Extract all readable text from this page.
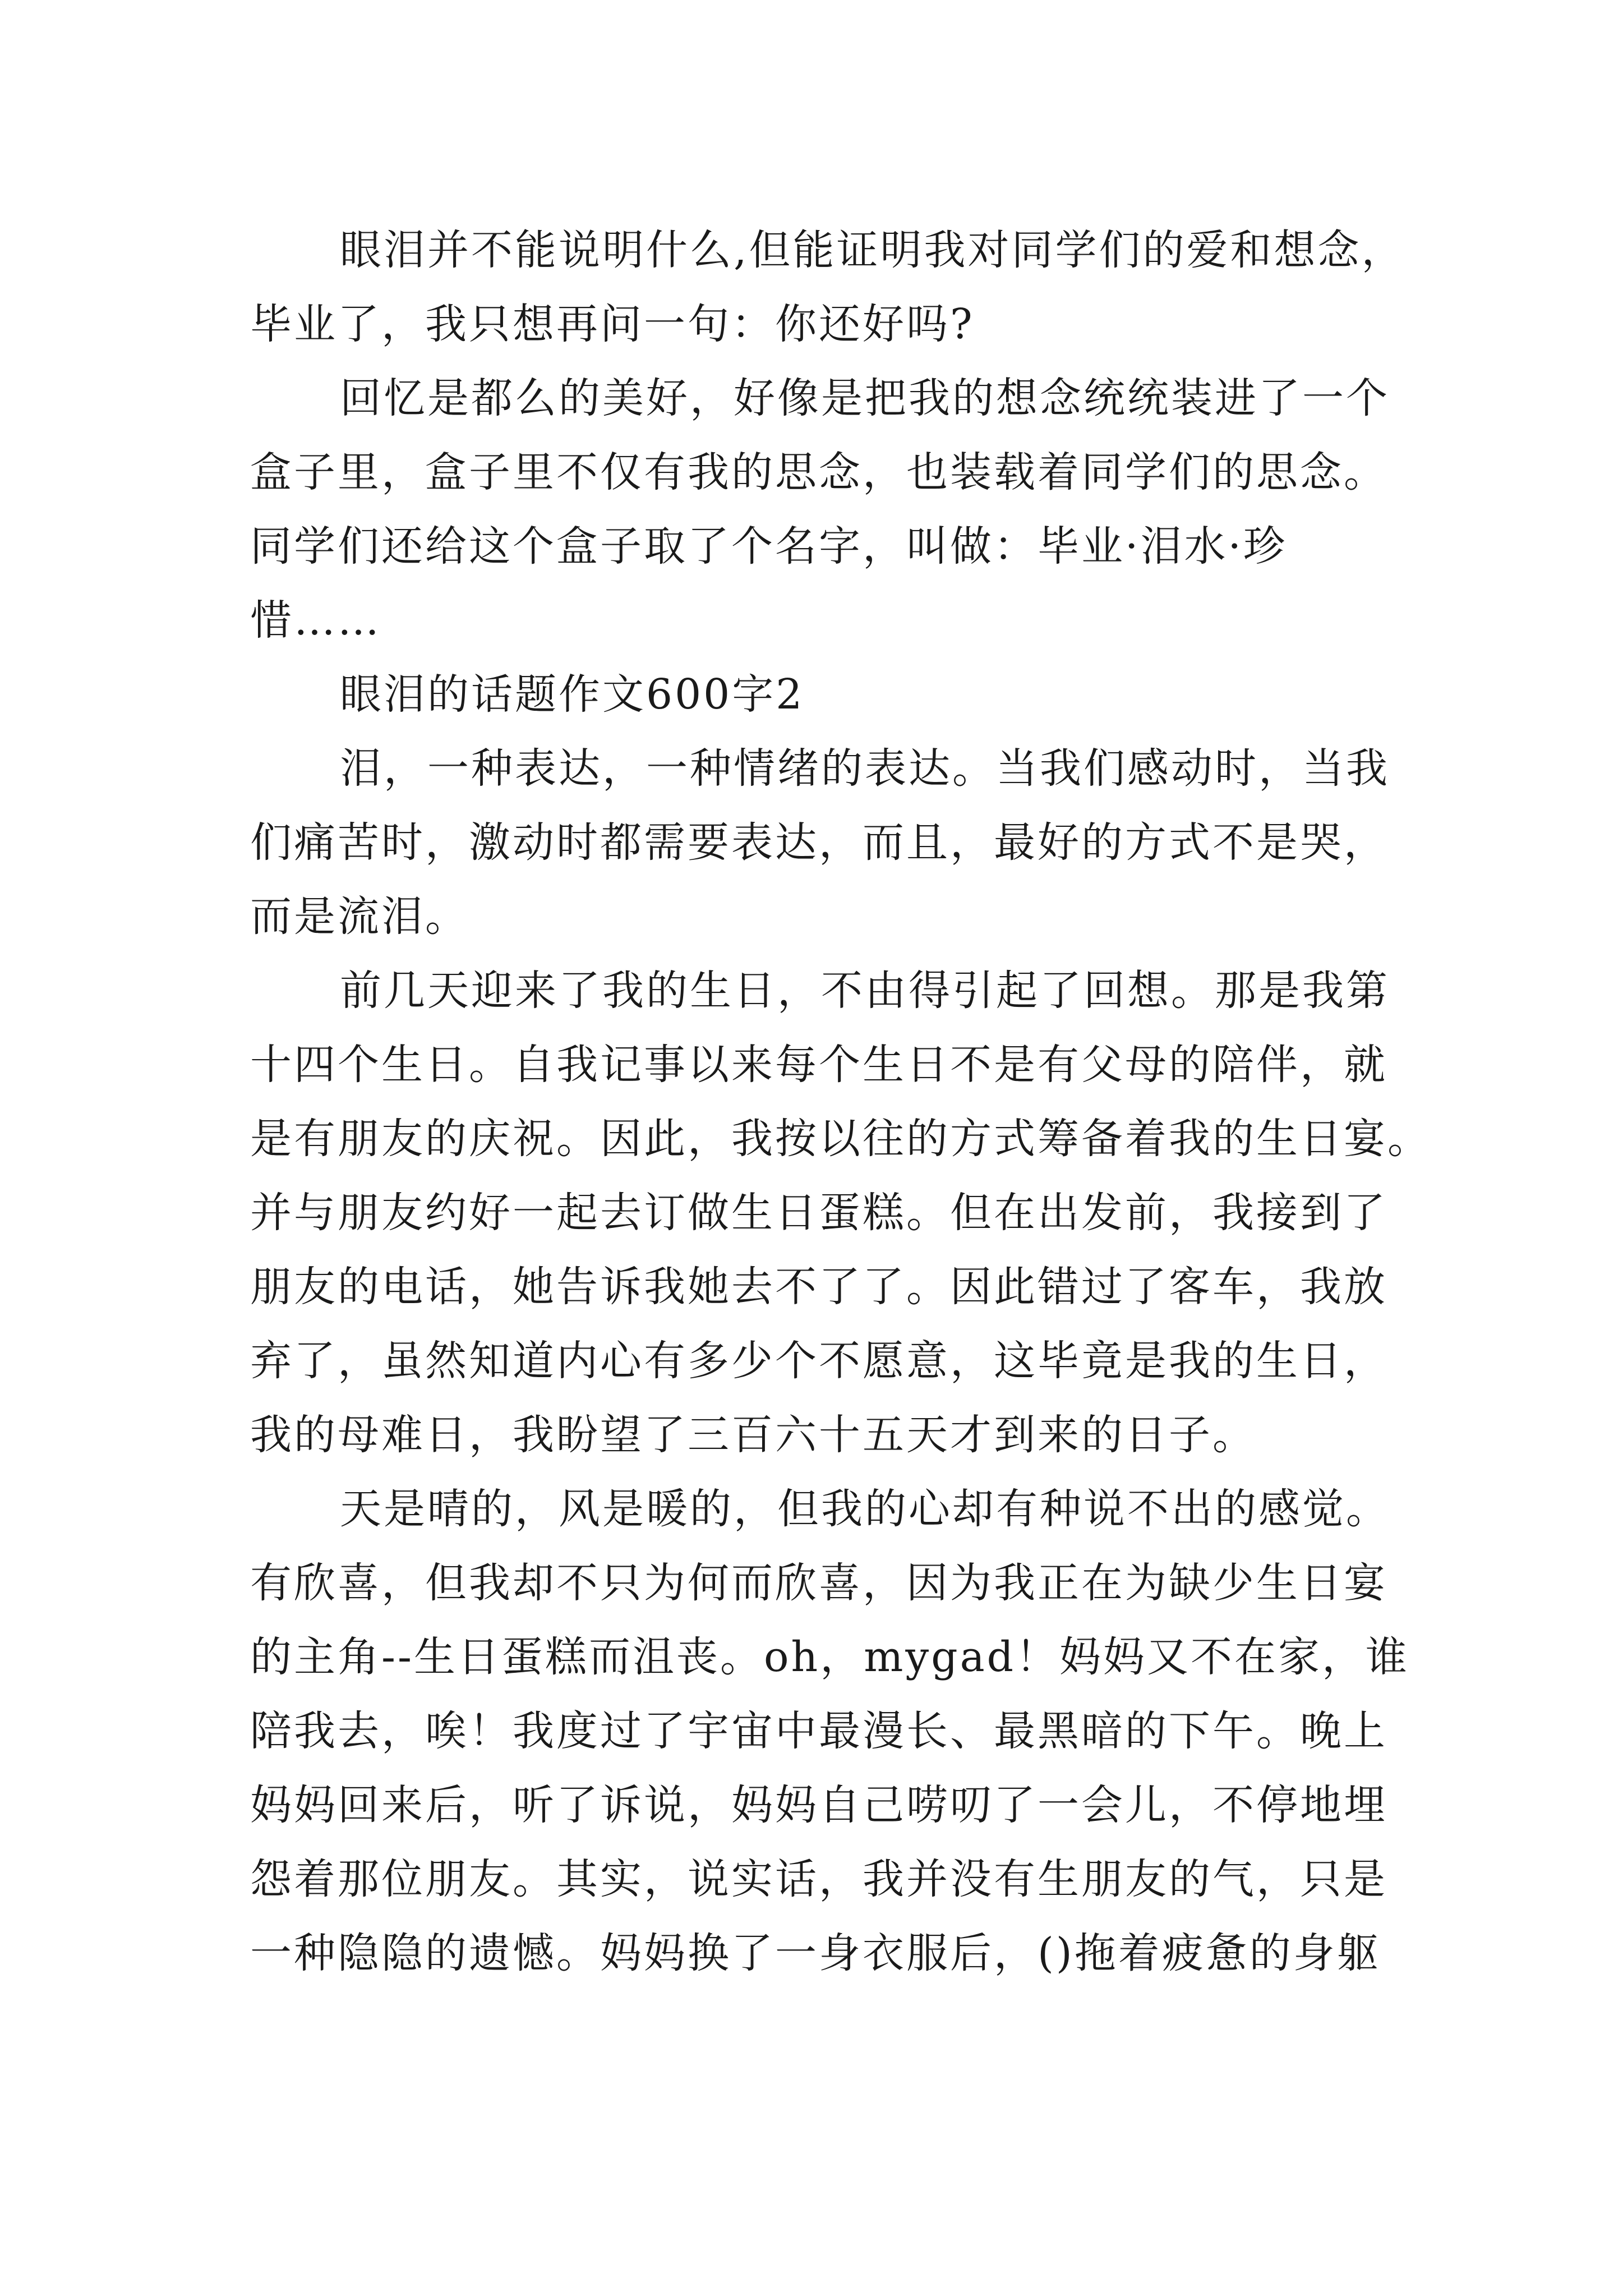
眼泪并不能说明什么,但能证明我对同学们的爱和想念，
毕业了，我只想再问一句：你还好吗?
回忆是都么的美好，好像是把我的想念统统装进了一个
盒子里，盒子里不仅有我的思念，也装载着同学们的思念。
同学们还给这个盒子取了个名字，叫做：毕业·泪水·珍
惜……
眼泪的话题作文600字2
泪，一种表达，一种情绪的表达。当我们感动时，当我
们痛苦时，激动时都需要表达，而且，最好的方式不是哭，
而是流泪。
前几天迎来了我的生日，不由得引起了回想。那是我第
十四个生日。自我记事以来每个生日不是有父母的陪伴，就
是有朋友的庆祝。因此，我按以往的方式筹备着我的生日宴。
并与朋友约好一起去订做生日蛋糕。但在出发前，我接到了
朋友的电话，她告诉我她去不了了。因此错过了客车，我放
弃了，虽然知道内心有多少个不愿意，这毕竟是我的生日，
我的母难日，我盼望了三百六十五天才到来的日子。
天是晴的，风是暖的，但我的心却有种说不出的感觉。
有欣喜，但我却不只为何而欣喜，因为我正在为缺少生日宴
的主角--生日蛋糕而沮丧。oh，mygad！妈妈又不在家，谁
陪我去，唉！我度过了宇宙中最漫长、最黑暗的下午。晚上
妈妈回来后，听了诉说，妈妈自己唠叨了一会儿，不停地埋
怨着那位朋友。其实，说实话，我并没有生朋友的气，只是
一种隐隐的遗憾。妈妈换了一身衣服后，()拖着疲惫的身躯
